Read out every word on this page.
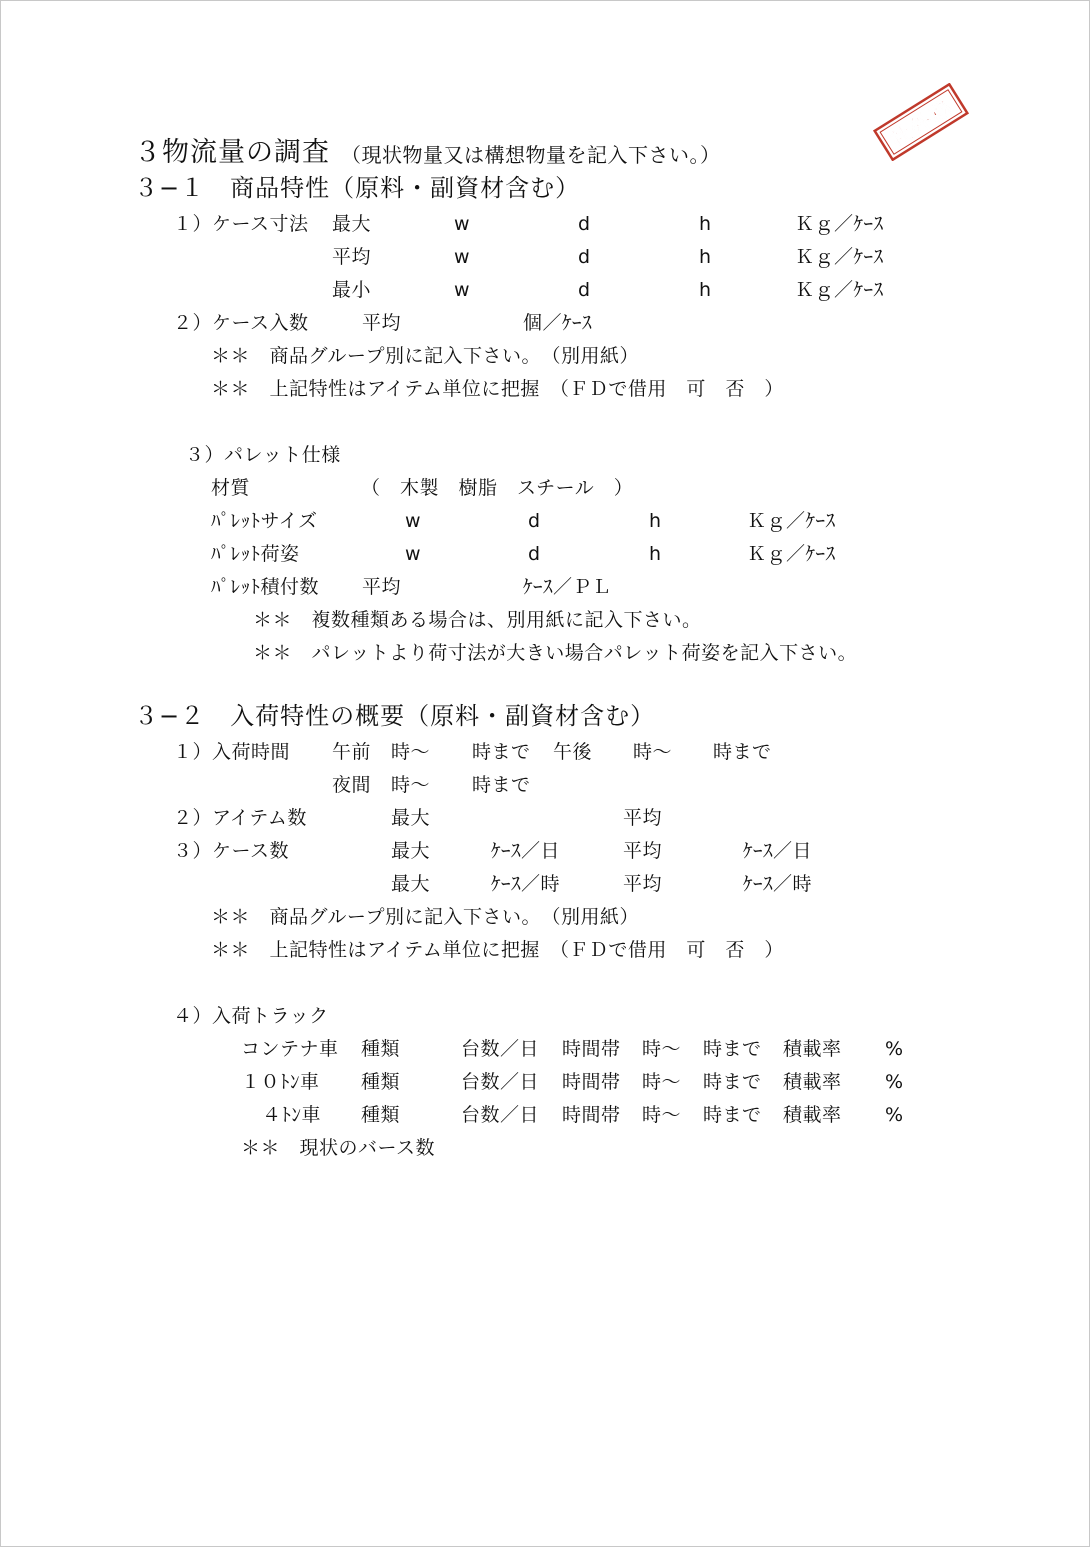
社外秘
３物流量の調査 （現状物量又は構想物量を記入下さい。）
３−１　商品特性（原料・副資材含む）
１）ケース寸法 最大	w	d	h	Ｋｇ／ｹｰｽ
平均	w	d	h	Ｋｇ／ｹｰｽ
最小	w	d	h	Ｋｇ／ｹｰｽ
２）ケース入数	平均	個／ｹｰｽ
＊＊　商品グループ別に記入下さい。　（別用紙）
＊＊　上記特性はアイテム単位に把握　（ＦＤで借用　可　否　）
３）パレット仕様
材質	（　木製　樹脂　スチール　）
ﾊﾟﾚｯﾄサイズ	w	d	h	Ｋｇ／ｹｰｽ
ﾊﾟﾚｯﾄ荷姿	w	d	h	Ｋｇ／ｹｰｽ
ﾊﾟﾚｯﾄ積付数 平均	ｹｰｽ／ＰＬ
＊＊　複数種類ある場合は、別用紙に記入下さい。
＊＊　パレットより荷寸法が大きい場合パレット荷姿を記入下さい。
３−２　入荷特性の概要（原料・副資材含む）
１）入荷時間 午前 時〜 時まで 午後 時〜 時まで
夜間 時〜 時まで
２）アイテム数	最大	平均
３）ケース数	最大	ｹｰｽ／日	平均	ｹｰｽ／日
最大	ｹｰｽ／時	平均	ｹｰｽ／時
＊＊　商品グループ別に記入下さい。　（別用紙）
＊＊　上記特性はアイテム単位に把握　（ＦＤで借用　可　否　）
４）入荷トラック
コンテナ車 種類	台数／日 時間帯 時〜 時まで 積載率 %
１０ﾄﾝ車 種類	台数／日 時間帯 時〜 時まで 積載率 %
４ﾄﾝ車 種類	台数／日 時間帯 時〜 時まで 積載率 %
＊＊　現状のバース数
